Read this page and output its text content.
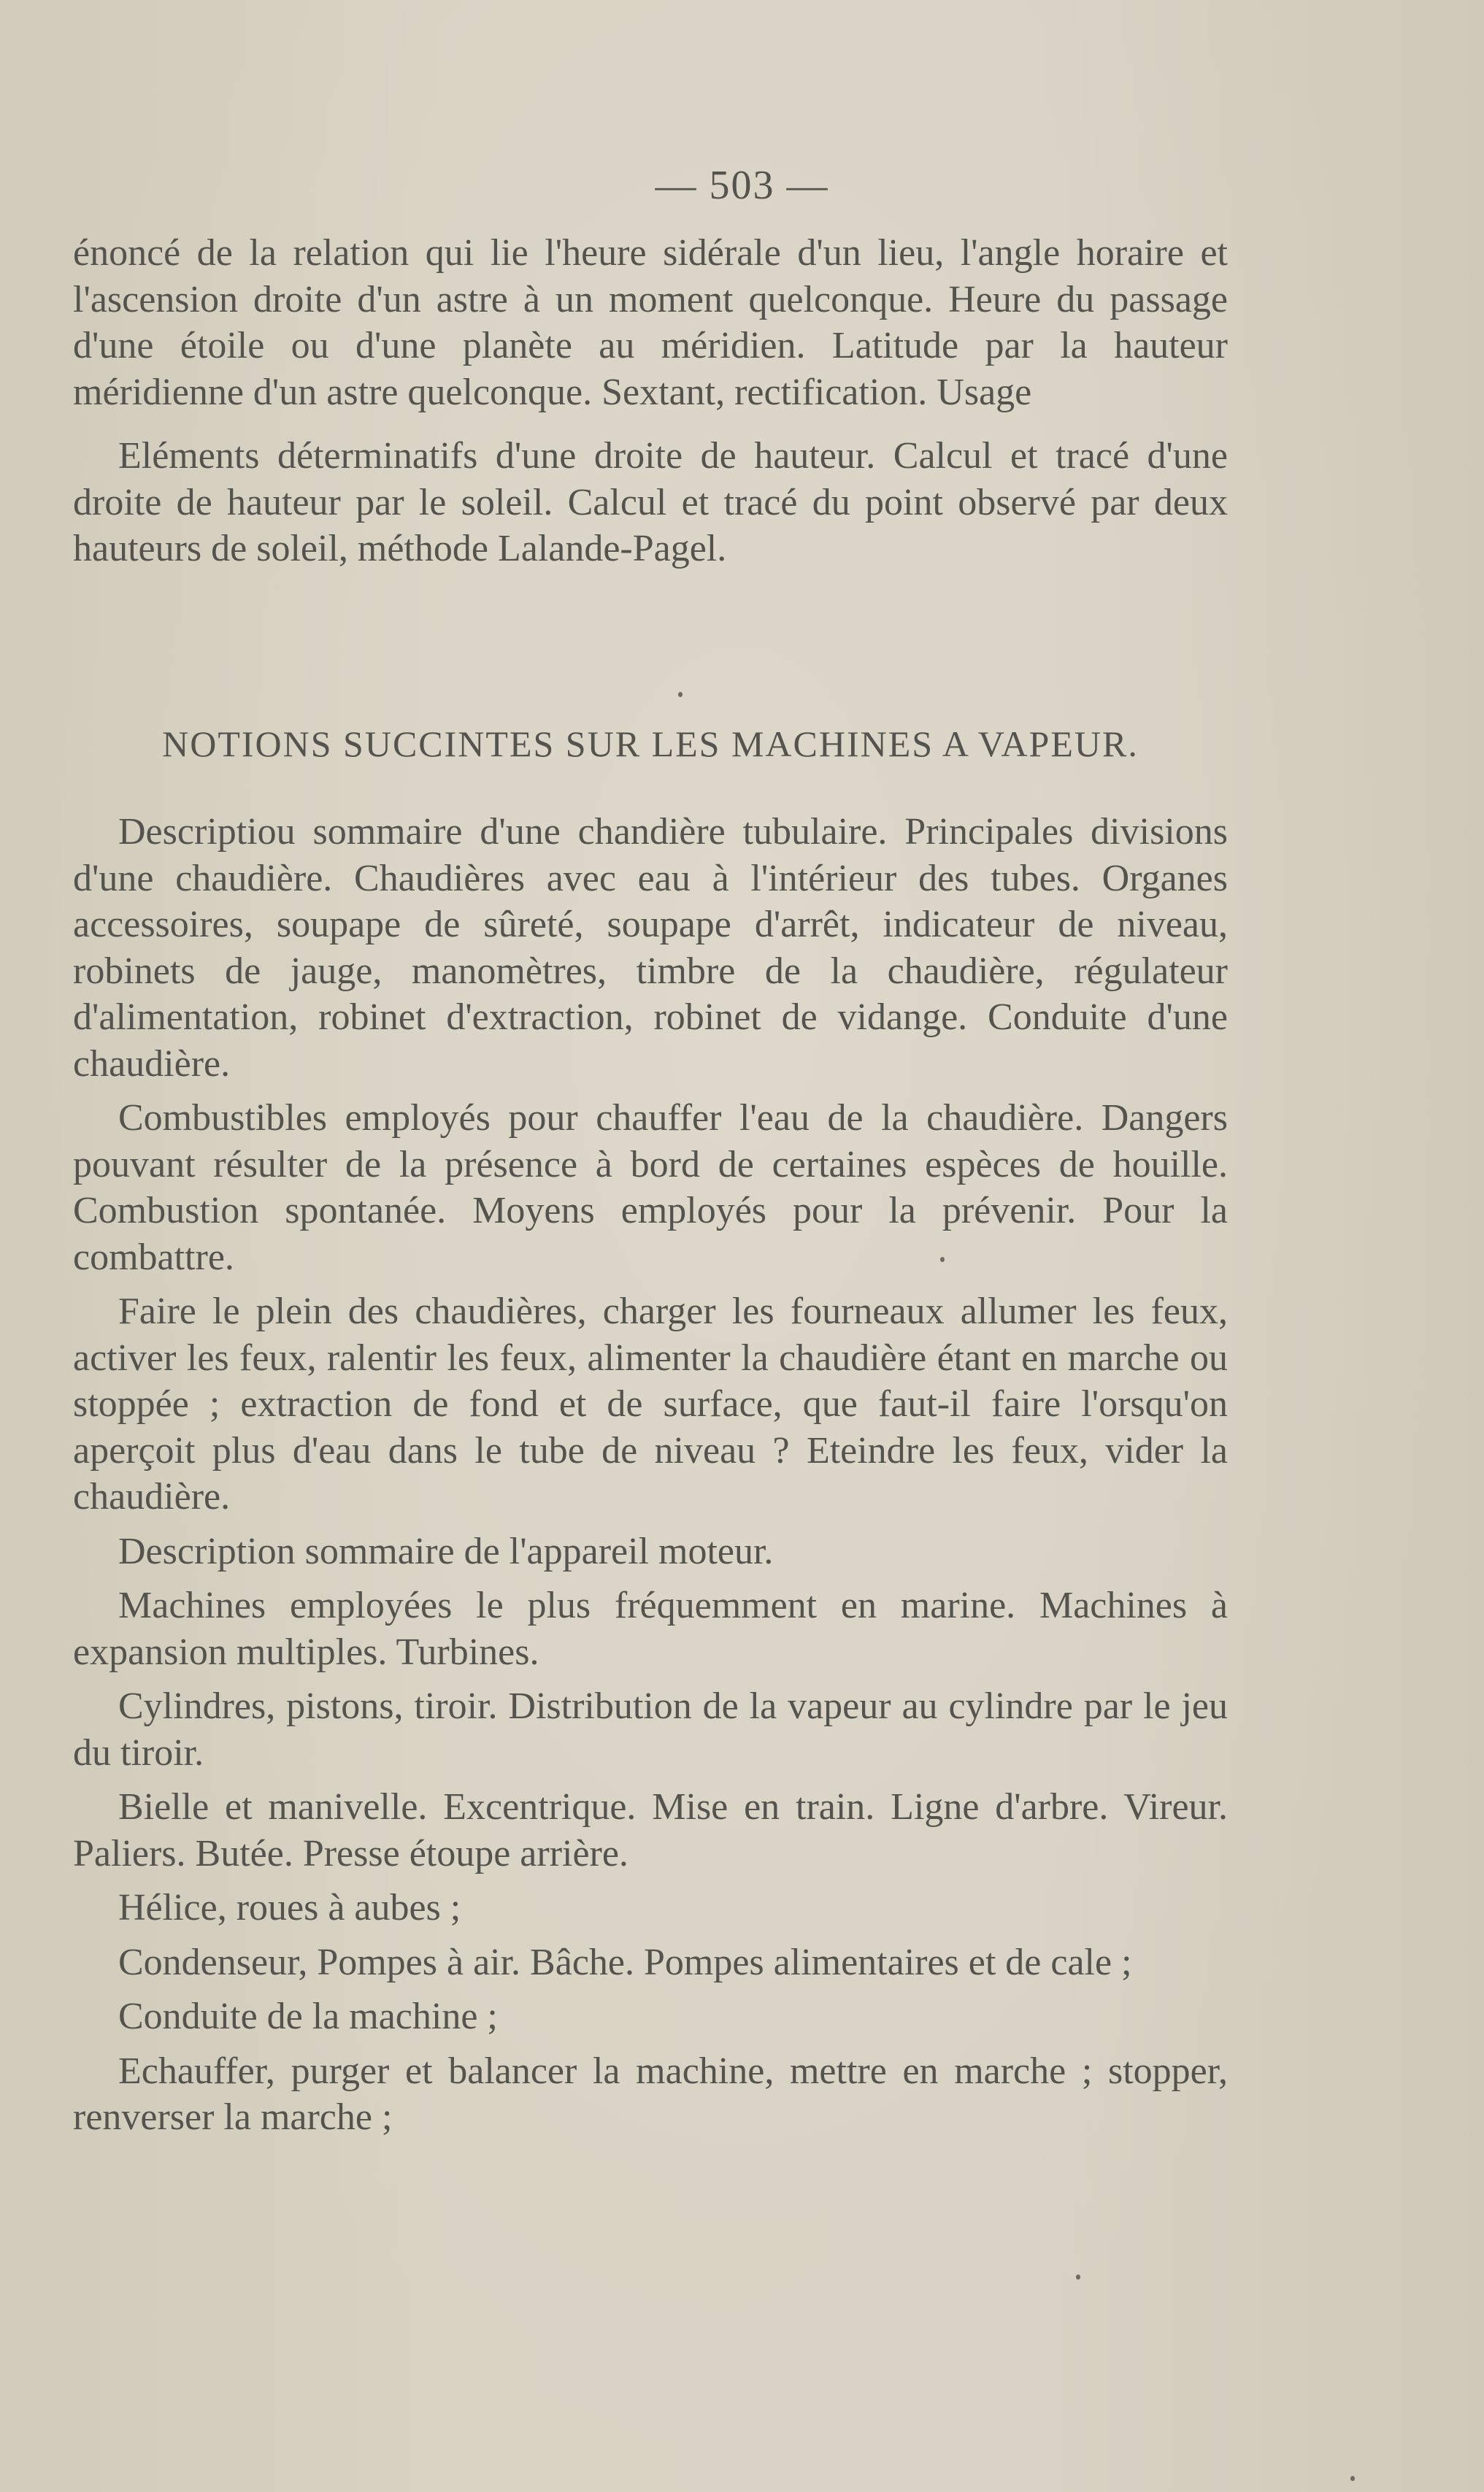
— 503 —

énoncé de la relation qui lie l'heure sidérale d'un lieu, l'angle horaire et l'ascension droite d'un astre à un moment quelconque. Heure du passage d'une étoile ou d'une planète au méridien. Latitude par la hauteur méridienne d'un astre quelconque. Sextant, rectification. Usage

Eléments déterminatifs d'une droite de hauteur. Calcul et tracé d'une droite de hauteur par le soleil. Calcul et tracé du point observé par deux hauteurs de soleil, méthode Lalande-Pagel.

NOTIONS SUCCINTES SUR LES MACHINES A VAPEUR.

Descriptiou sommaire d'une chandière tubulaire. Principales divisions d'une chaudière. Chaudières avec eau à l'intérieur des tubes. Organes accessoires, soupape de sûreté, soupape d'arrêt, indicateur de niveau, robinets de jauge, manomètres, timbre de la chaudière, régulateur d'alimentation, robinet d'extraction, robinet de vidange. Conduite d'une chaudière.

Combustibles employés pour chauffer l'eau de la chaudière. Dangers pouvant résulter de la présence à bord de certaines espèces de houille. Combustion spontanée. Moyens employés pour la prévenir. Pour la combattre.

Faire le plein des chaudières, charger les fourneaux allumer les feux, activer les feux, ralentir les feux, alimenter la chaudière étant en marche ou stoppée ; extraction de fond et de surface, que faut-il faire l'orsqu'on aperçoit plus d'eau dans le tube de niveau ? Eteindre les feux, vider la chaudière.

Description sommaire de l'appareil moteur.

Machines employées le plus fréquemment en marine. Machines à expansion multiples. Turbines.

Cylindres, pistons, tiroir. Distribution de la vapeur au cylindre par le jeu du tiroir.

Bielle et manivelle. Excentrique. Mise en train. Ligne d'arbre. Vireur. Paliers. Butée. Presse étoupe arrière.

Hélice, roues à aubes ;

Condenseur, Pompes à air. Bâche. Pompes alimentaires et de cale ;

Conduite de la machine ;

Echauffer, purger et balancer la machine, mettre en marche ; stopper, renverser la marche ;
